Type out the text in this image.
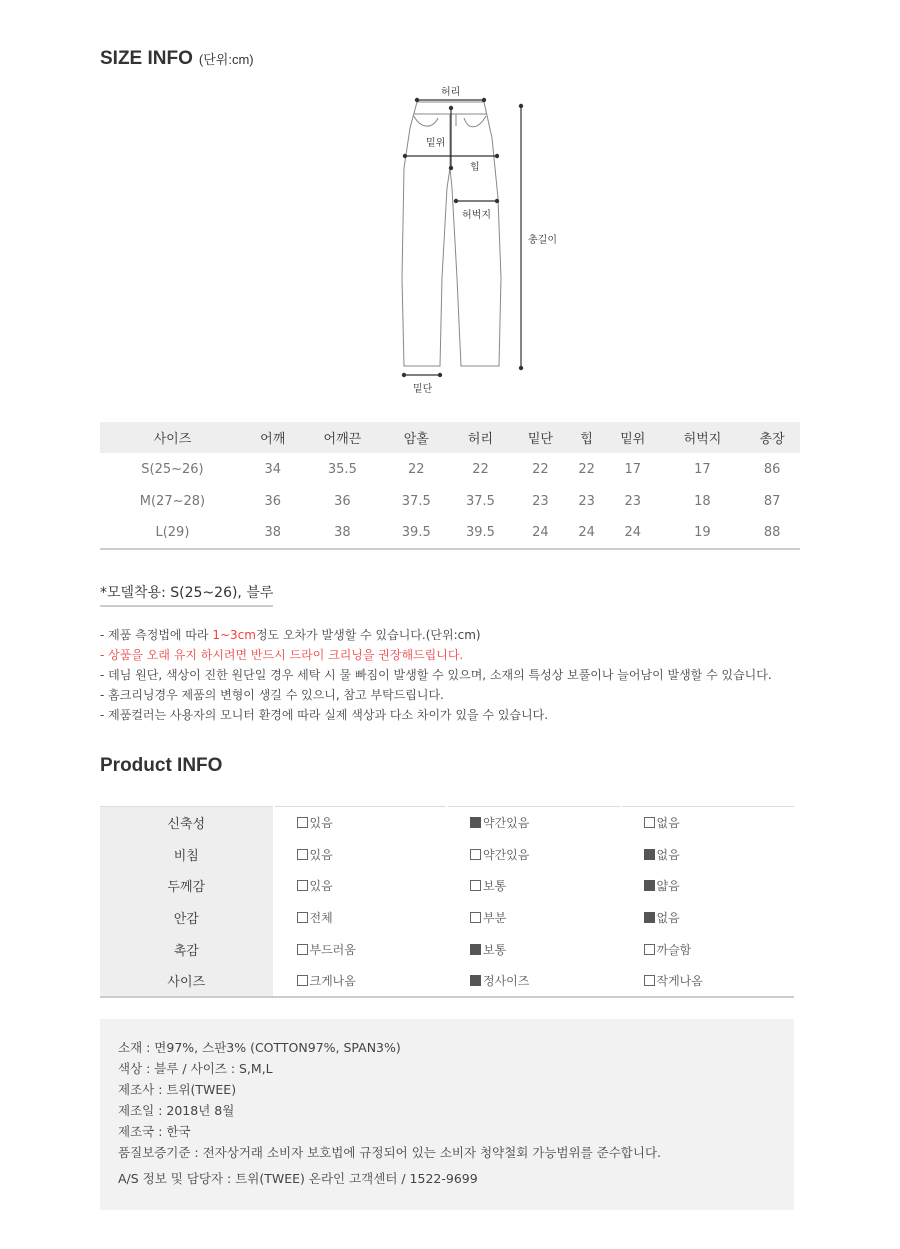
SIZE INFO (단위:cm)
허리
밑위
힙
허벅지
총길이
밑단
사이즈	어깨	어깨끈	암홀	허리	밑단	힙	밑위	허벅지	총장
S(25~26)	34	35.5	22	22	22	22	17	17	86
M(27~28)	36	36	37.5	37.5	23	23	23	18	87
L(29)	38	38	39.5	39.5	24	24	24	19	88
*모델착용: S(25~26), 블루
- 제품 측정법에 따라 1~3cm정도 오차가 발생할 수 있습니다.(단위:cm)
- 상품을 오래 유지 하시려면 반드시 드라이 크리닝을 권장해드립니다.
- 데님 원단, 색상이 진한 원단일 경우 세탁 시 물 빠짐이 발생할 수 있으며, 소재의 특성상 보풀이나 늘어남이 발생할 수 있습니다.
- 홈크리닝경우 제품의 변형이 생길 수 있으니, 참고 부탁드립니다.
- 제품컬러는 사용자의 모니터 환경에 따라 실제 색상과 다소 차이가 있을 수 있습니다.
Product INFO
신축성	있음	약간있음	없음
비침	있음	약간있음	없음
두께감	있음	보통	얇음
안감	전체	부분	없음
촉감	부드러움	보통	까슬함
사이즈	크게나옴	정사이즈	작게나옴

소재 : 면97%, 스판3% (COTTON97%, SPAN3%)

색상 : 블루 / 사이즈 : S,M,L

제조사 : 트위(TWEE)

제조일 : 2018년 8월

제조국 : 한국

품질보증기준 : 전자상거래 소비자 보호법에 규정되어 있는 소비자 청약철회 가능범위를 준수합니다.

A/S 정보 및 담당자 : 트위(TWEE) 온라인 고객센터 / 1522-9699
